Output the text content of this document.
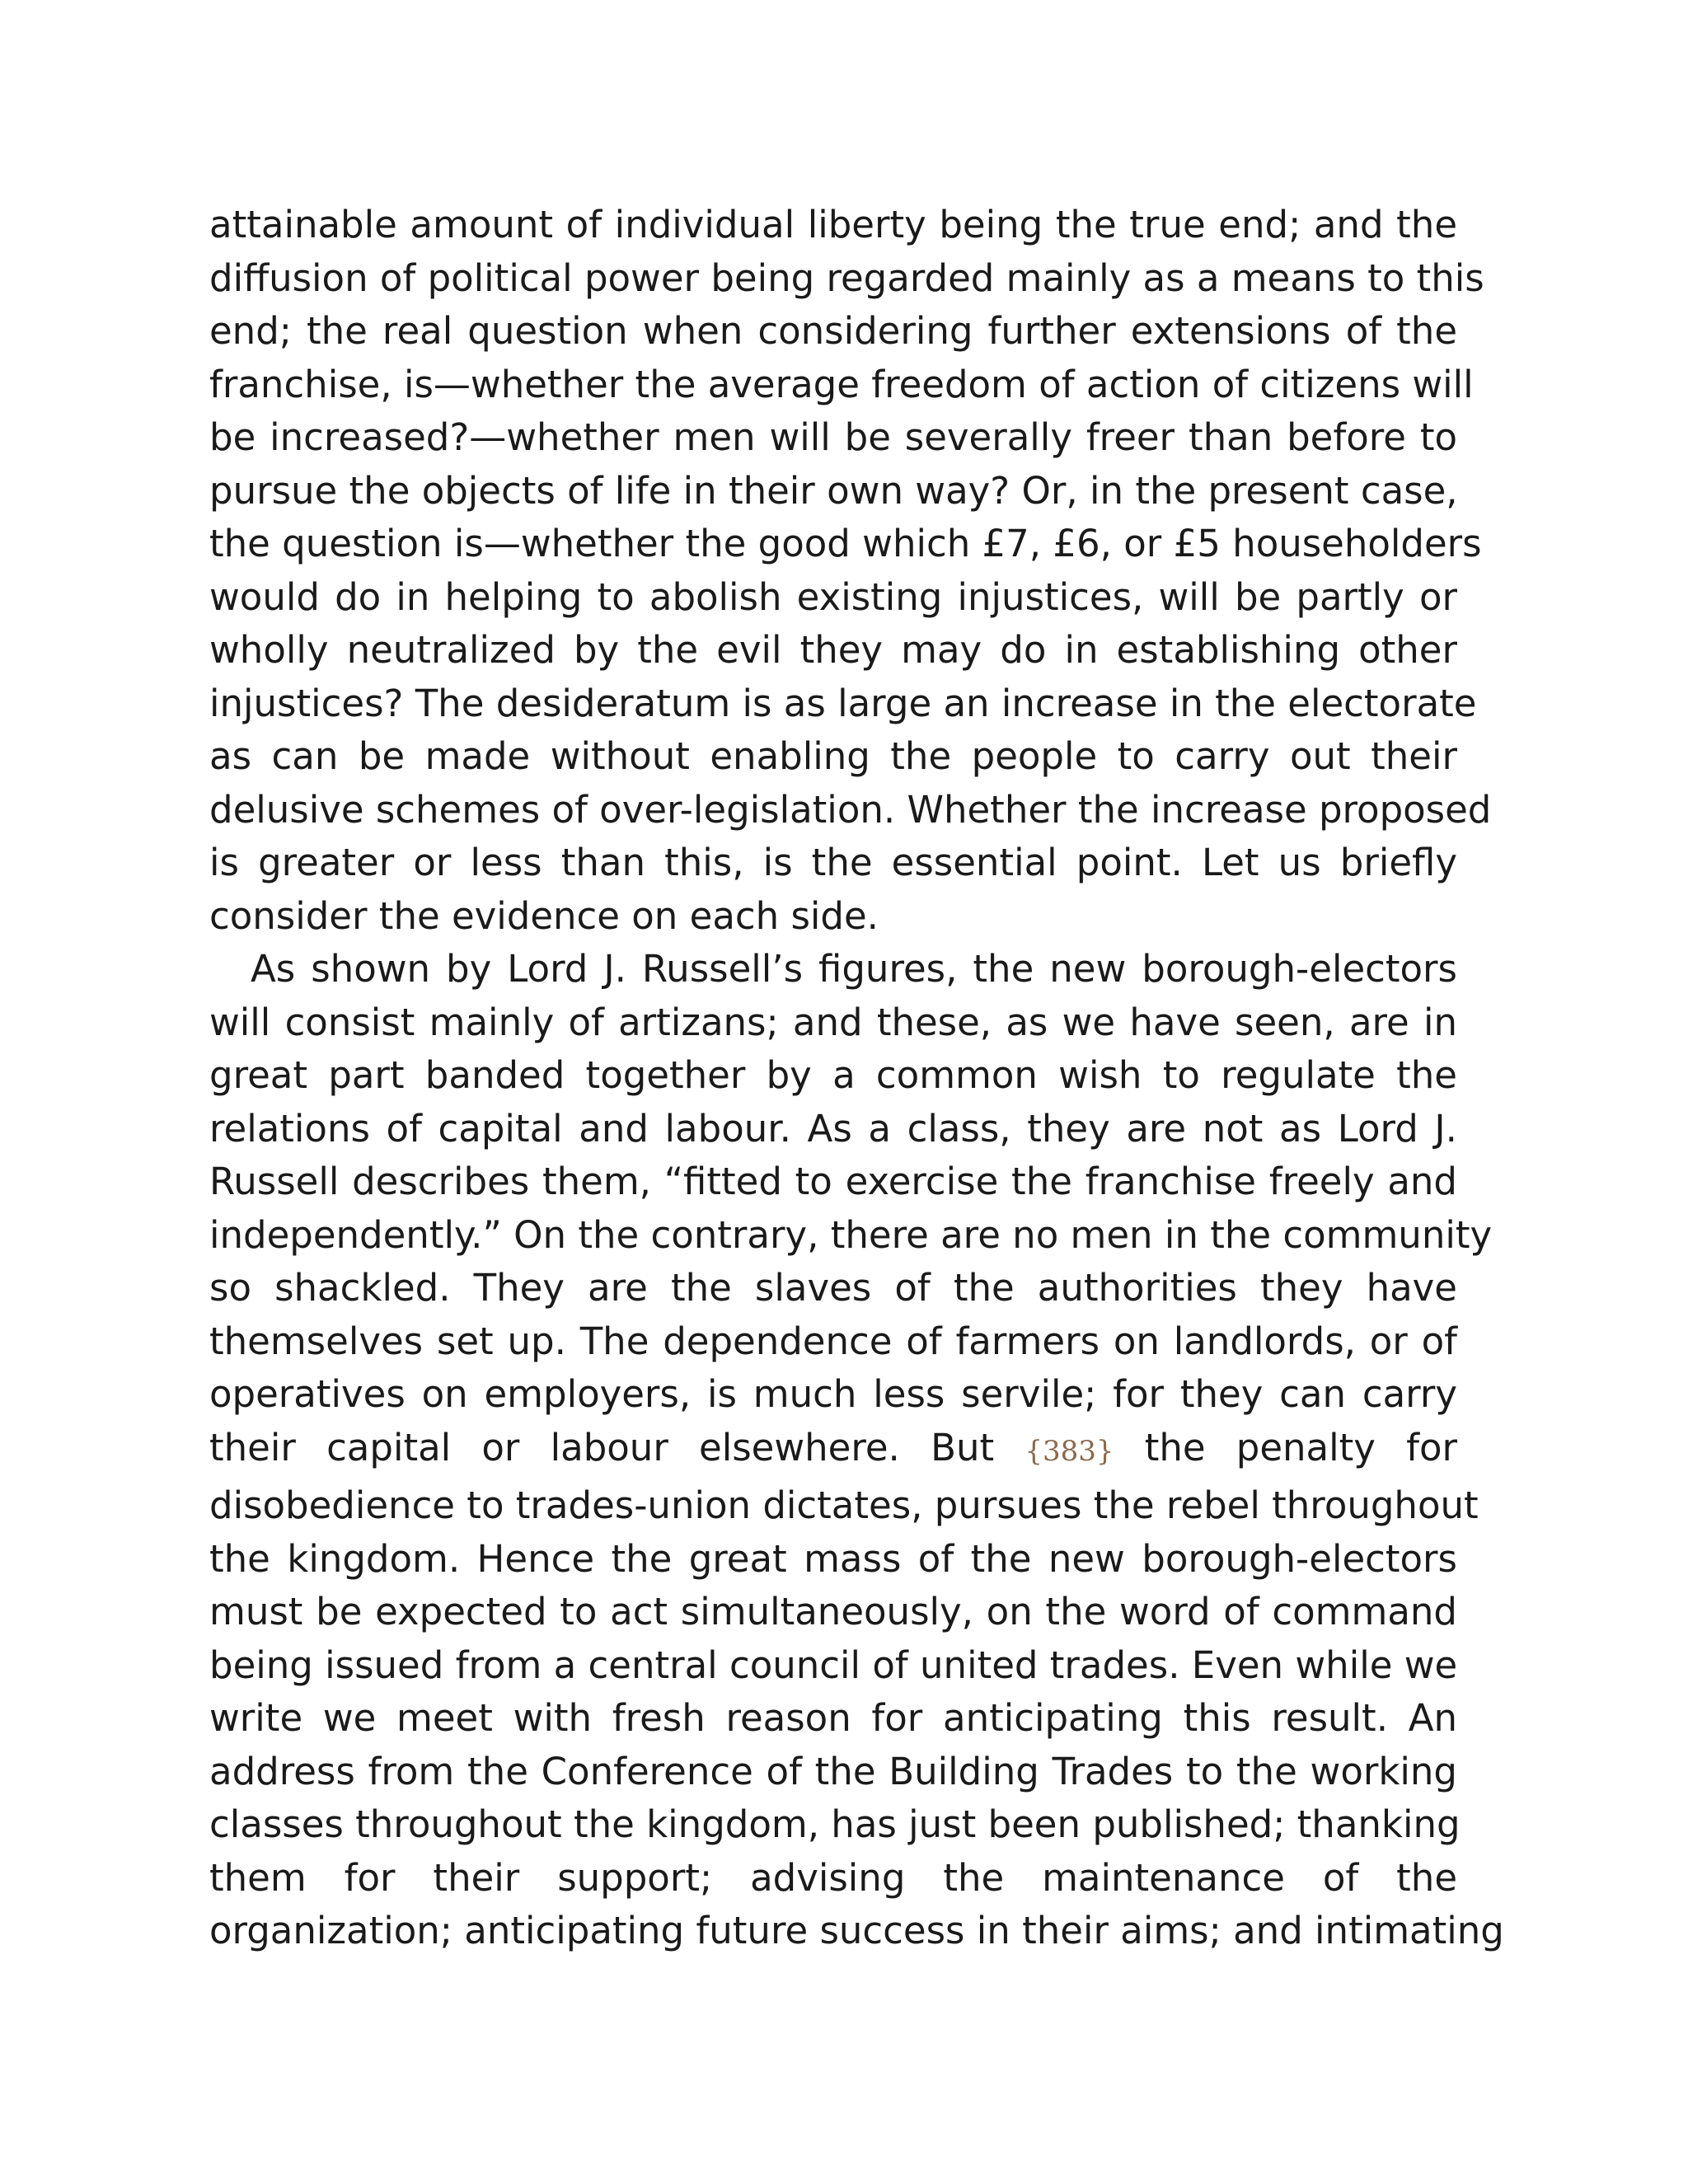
attainable amount of individual liberty being the true end; and the
diffusion of political power being regarded mainly as a means to this
end; the real question when considering further extensions of the
franchise, is—whether the average freedom of action of citizens will
be increased?—whether men will be severally freer than before to
pursue the objects of life in their own way? Or, in the present case,
the question is—whether the good which £7, £6, or £5 householders
would do in helping to abolish existing injustices, will be partly or
wholly neutralized by the evil they may do in establishing other
injustices? The desideratum is as large an increase in the electorate
as can be made without enabling the people to carry out their
delusive schemes of over-legislation. Whether the increase proposed
is greater or less than this, is the essential point. Let us briefly
consider the evidence on each side.
As shown by Lord J. Russell’s figures, the new borough-electors
will consist mainly of artizans; and these, as we have seen, are in
great part banded together by a common wish to regulate the
relations of capital and labour. As a class, they are not as Lord J.
Russell describes them, “fitted to exercise the franchise freely and
independently.” On the contrary, there are no men in the community
so shackled. They are the slaves of the authorities they have
themselves set up. The dependence of farmers on landlords, or of
operatives on employers, is much less servile; for they can carry
their capital or labour elsewhere. But {383} the penalty for
disobedience to trades-union dictates, pursues the rebel throughout
the kingdom. Hence the great mass of the new borough-electors
must be expected to act simultaneously, on the word of command
being issued from a central council of united trades. Even while we
write we meet with fresh reason for anticipating this result. An
address from the Conference of the Building Trades to the working
classes throughout the kingdom, has just been published; thanking
them for their support; advising the maintenance of the
organization; anticipating future success in their aims; and intimating
